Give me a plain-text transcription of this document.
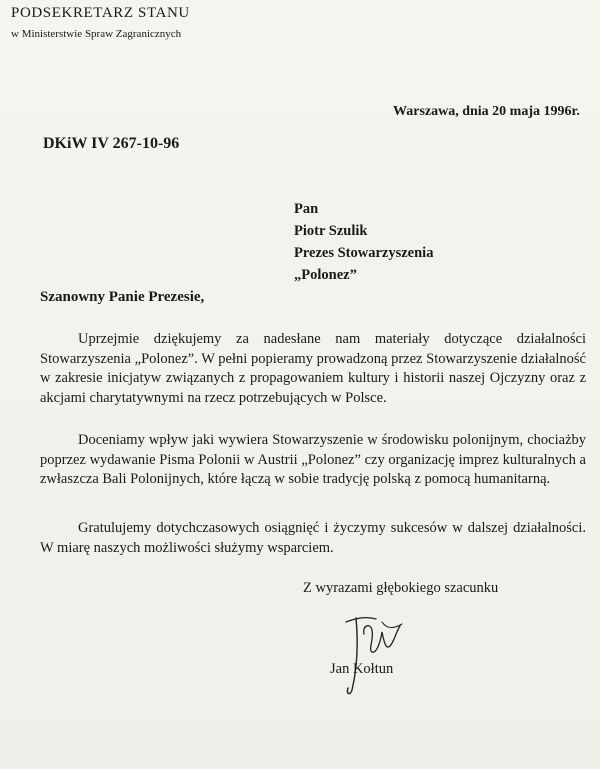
PODSEKRETARZ STANU
w Ministerstwie Spraw Zagranicznych
Warszawa, dnia 20 maja 1996r.
DKiW IV 267-10-96
Pan
Piotr Szulik
Prezes Stowarzyszenia
„Polonez”
Szanowny Panie Prezesie,
Uprzejmie dziękujemy za nadesłane nam materiały dotyczące działalności Stowarzyszenia „Polonez”. W pełni popieramy prowadzoną przez Stowarzyszenie działalność w zakresie inicjatyw związanych z propagowaniem kultury i historii naszej Ojczyzny oraz z akcjami charytatywnymi na rzecz potrzebujących w Polsce.
Doceniamy wpływ jaki wywiera Stowarzyszenie w środowisku polonijnym, chociażby poprzez wydawanie Pisma Polonii w Austrii „Polonez” czy organizację imprez kulturalnych a zwłaszcza Bali Polonijnych, które łączą w sobie tradycję polską z pomocą humanitarną.
Gratulujemy dotychczasowych osiągnięć i życzymy sukcesów w dalszej działalności. W miarę naszych możliwości służymy wsparciem.
Z wyrazami głębokiego szacunku
Jan Kołtun
